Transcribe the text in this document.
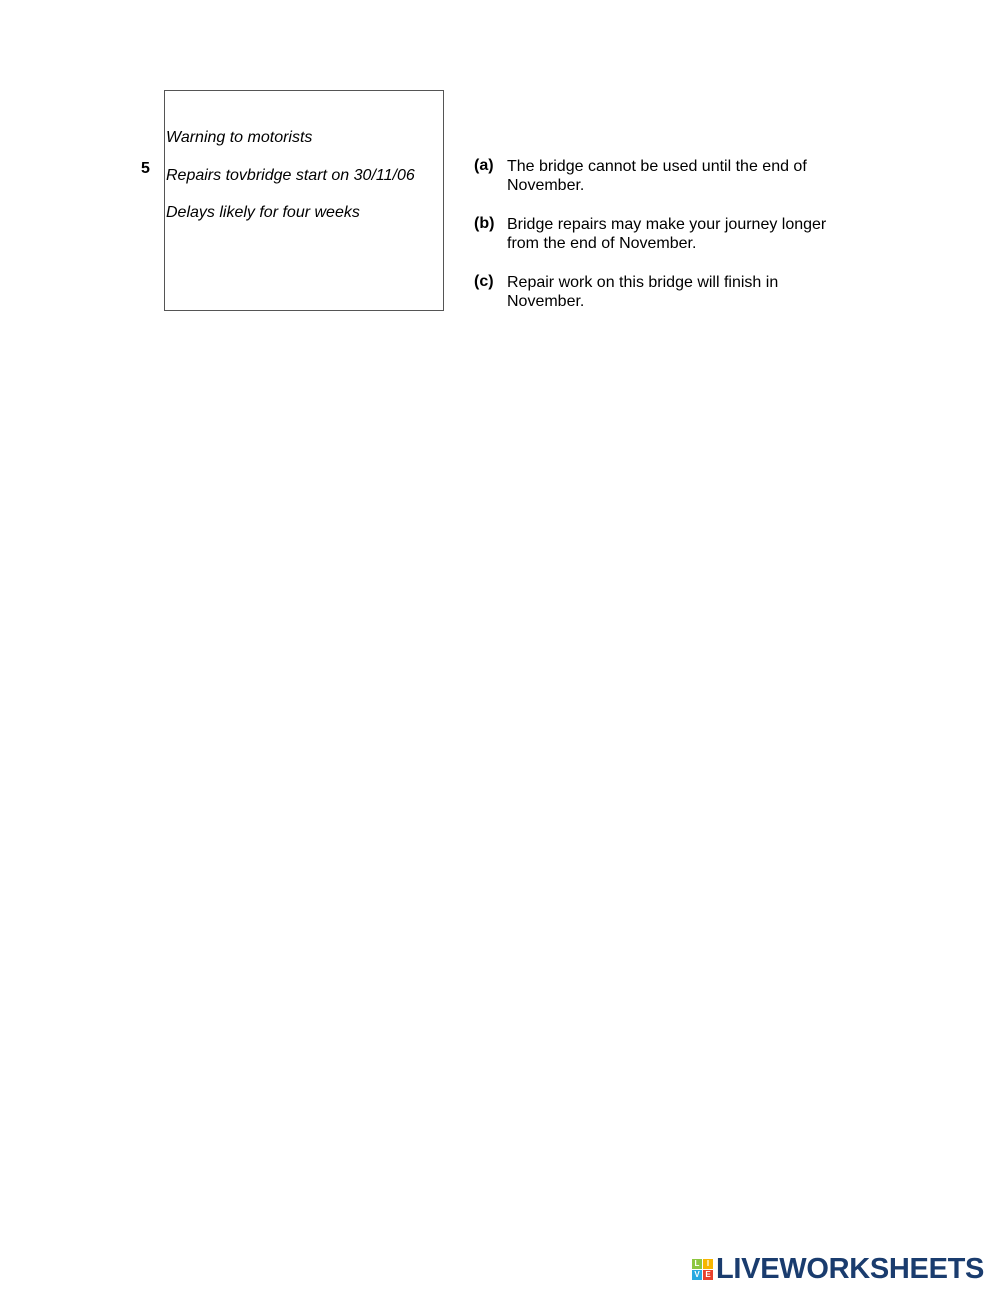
5
Warning to motorists
Repairs tovbridge start on 30/11/06
Delays likely for four weeks
(a) The bridge cannot be used until the end of November.
(b) Bridge repairs may make your journey longer from the end of November.
(c) Repair work on this bridge will finish in November.
L I
V E LIVEWORKSHEETS
